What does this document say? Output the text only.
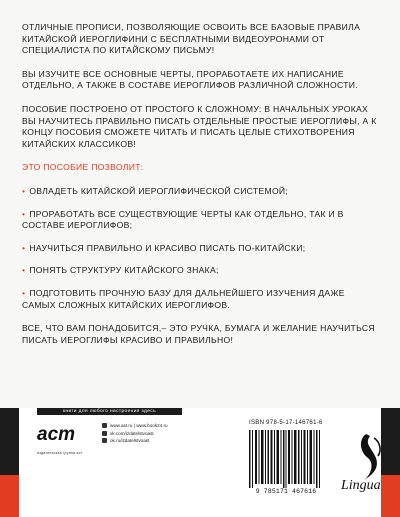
ОТЛИЧНЫЕ ПРОПИСИ, ПОЗВОЛЯЮЩИЕ ОСВОИТЬ ВСЕ БАЗОВЫЕ ПРАВИЛА КИТАЙСКОЙ ИЕРОГЛИФИНИ С БЕСПЛАТНЫМИ ВИДЕОУРОНАМИ ОТ СПЕЦИАЛИСТА ПО КИТАЙСКОМУ ПИСЬМУ!

ВЫ ИЗУЧИТЕ ВСЕ ОСНОВНЫЕ ЧЕРТЫ, ПРОРАБОТАЕТЕ ИХ НАПИСАНИЕ ОТДЕЛЬНО, А ТАКЖЕ В СОСТАВЕ ИЕРОГЛИФОВ РАЗЛИЧНОЙ СЛОЖНОСТИ.

ПОСОБИЕ ПОСТРОЕНО ОТ ПРОСТОГО К СЛОЖНОМУ: В НАЧАЛЬНЫХ УРОКАХ ВЫ НАУЧИТЕСЬ ПРАВИЛЬНО ПИСАТЬ ОТДЕЛЬНЫЕ ПРОСТЫЕ ИЕРОГЛИФЫ, А К КОНЦУ ПОСОБИЯ СМОЖЕТЕ ЧИТАТЬ И ПИСАТЬ ЦЕЛЫЕ СТИХОТВОРЕНИЯ КИТАЙСКИХ КЛАССИКОВ!

ЭТО ПОСОБИЕ ПОЗВОЛИТ:

• ОВЛАДЕТЬ КИТАЙСКОЙ ИЕРОГЛИФИЧЕСКОЙ СИСТЕМОЙ;
• ПРОРАБОТАТЬ ВСЕ СУЩЕСТВУЮЩИЕ ЧЕРТЫ КАК ОТДЕЛЬНО, ТАК И В СОСТАВЕ ИЕРОГЛИФОВ;
• НАУЧИТЬСЯ ПРАВИЛЬНО И КРАСИВО ПИСАТЬ ПО-КИТАЙСКИ;
• ПОНЯТЬ СТРУКТУРУ КИТАЙСКОГО ЗНАКА;
• ПОДГОТОВИТЬ ПРОЧНУЮ БАЗУ ДЛЯ ДАЛЬНЕЙШЕГО ИЗУЧЕНИЯ ДАЖЕ САМЫХ СЛОЖНЫХ КИТАЙСКИХ ИЕРОГЛИФОВ.

ВСЕ, ЧТО ВАМ ПОНАДОБИТСЯ,– ЭТО РУЧКА, БУМАГА И ЖЕЛАНИЕ НАУЧИТЬСЯ ПИСАТЬ ИЕРОГЛИФЫ КРАСИВО И ПРАВИЛЬНО!

книги для любого настроения здесь
аст
издательская группа аст
www.ast.ru | www.book24.ru
vk.com/izdatelstvoast
ok.ru/izdatelstvoast
ISBN 978-5-17-146761-6
9 785171 467616	Lingua
